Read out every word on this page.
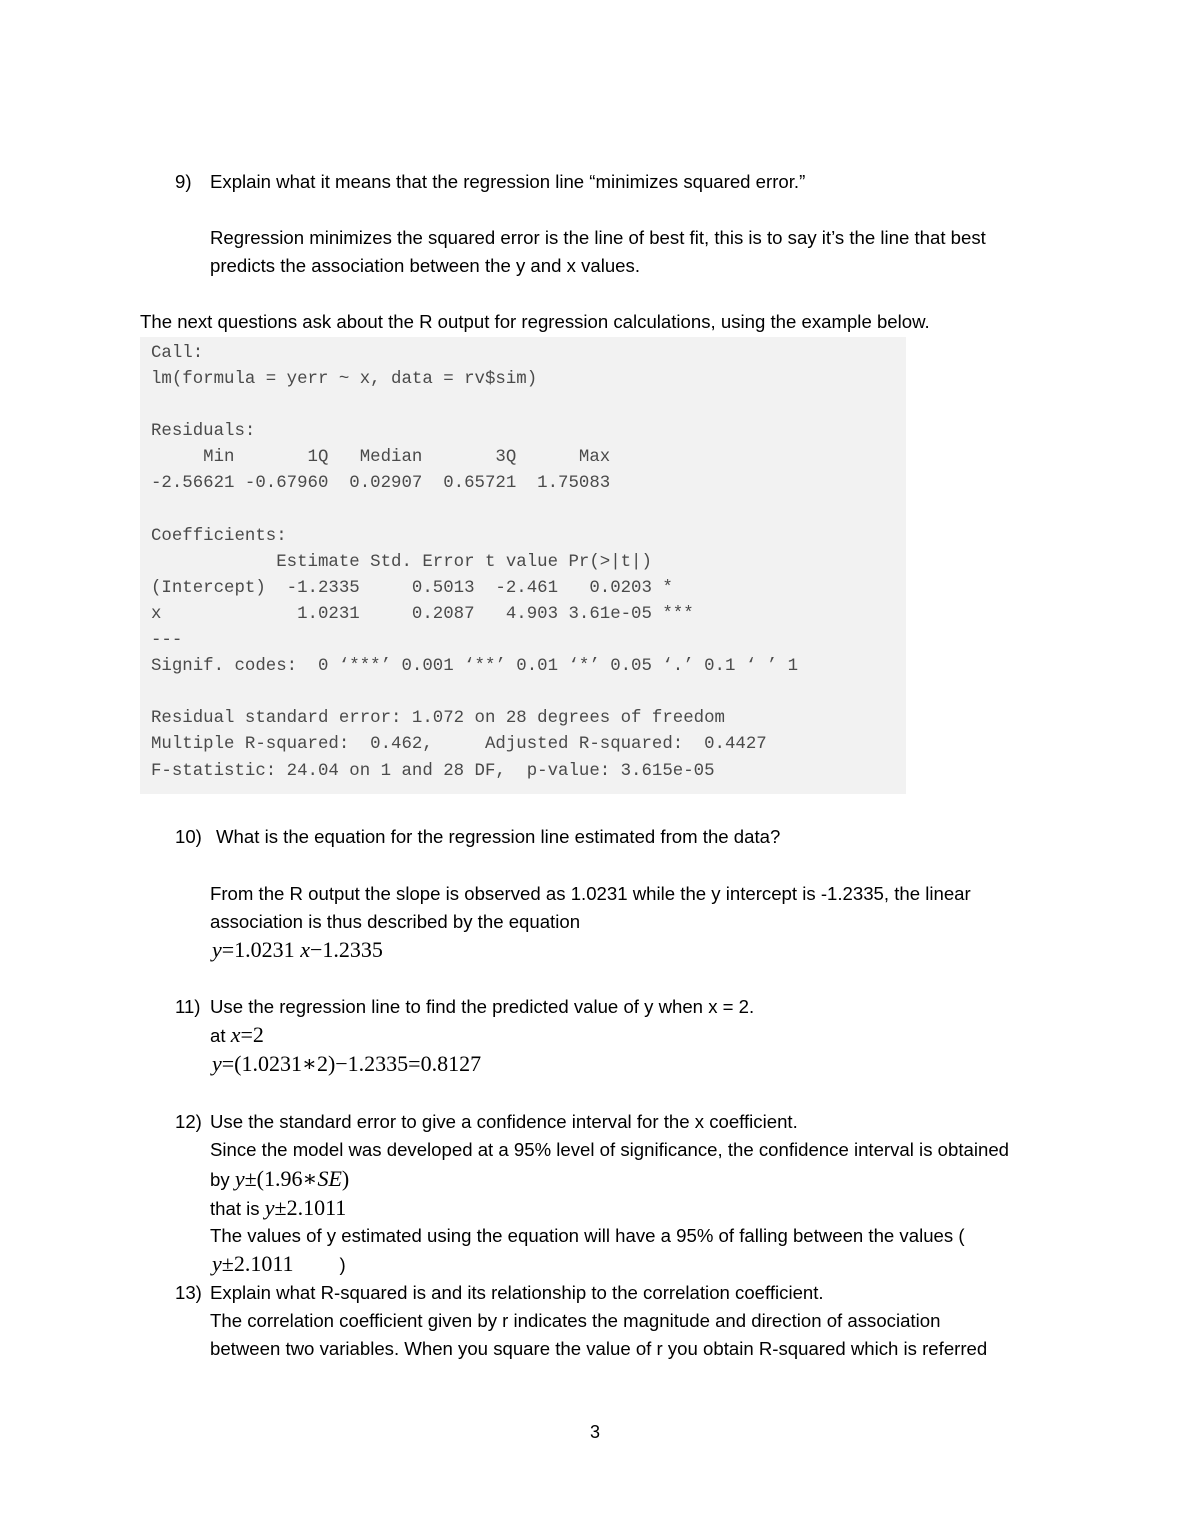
9) Explain what it means that the regression line “minimizes squared error.”
Regression minimizes the squared error is the line of best fit, this is to say it’s the line that best
predicts the association between the y and x values.
The next questions ask about the R output for regression calculations, using the example below.
Call:
lm(formula = yerr ~ x, data = rv$sim)

Residuals:
Min       1Q   Median       3Q      Max
-2.56621 -0.67960  0.02907  0.65721  1.75083

Coefficients:
Estimate Std. Error t value Pr(>|t|)
(Intercept)  -1.2335     0.5013  -2.461   0.0203 *
x             1.0231     0.2087   4.903 3.61e-05 ***
---
Signif. codes:  0 ‘***’ 0.001 ‘**’ 0.01 ‘*’ 0.05 ‘.’ 0.1 ‘ ’ 1

Residual standard error: 1.072 on 28 degrees of freedom
Multiple R-squared:  0.462,     Adjusted R-squared:  0.4427
F-statistic: 24.04 on 1 and 28 DF,  p-value: 3.615e-05
10) What is the equation for the regression line estimated from the data?
From the R output the slope is observed as 1.0231 while the y intercept is -1.2335, the linear
association is thus described by the equation
y=1.0231 x−1.2335
11) Use the regression line to find the predicted value of y when x = 2.
at x=2
y=(1.0231∗2)−1.2335=0.8127
12) Use the standard error to give a confidence interval for the x coefficient.
Since the model was developed at a 95% level of significance, the confidence interval is obtained
by y±(1.96∗SE)
that is y±2.1011
The values of y estimated using the equation will have a 95% of falling between the values (
y±2.1011 )
13) Explain what R-squared is and its relationship to the correlation coefficient.
The correlation coefficient given by r indicates the magnitude and direction of association
between two variables. When you square the value of r you obtain R-squared which is referred
3
